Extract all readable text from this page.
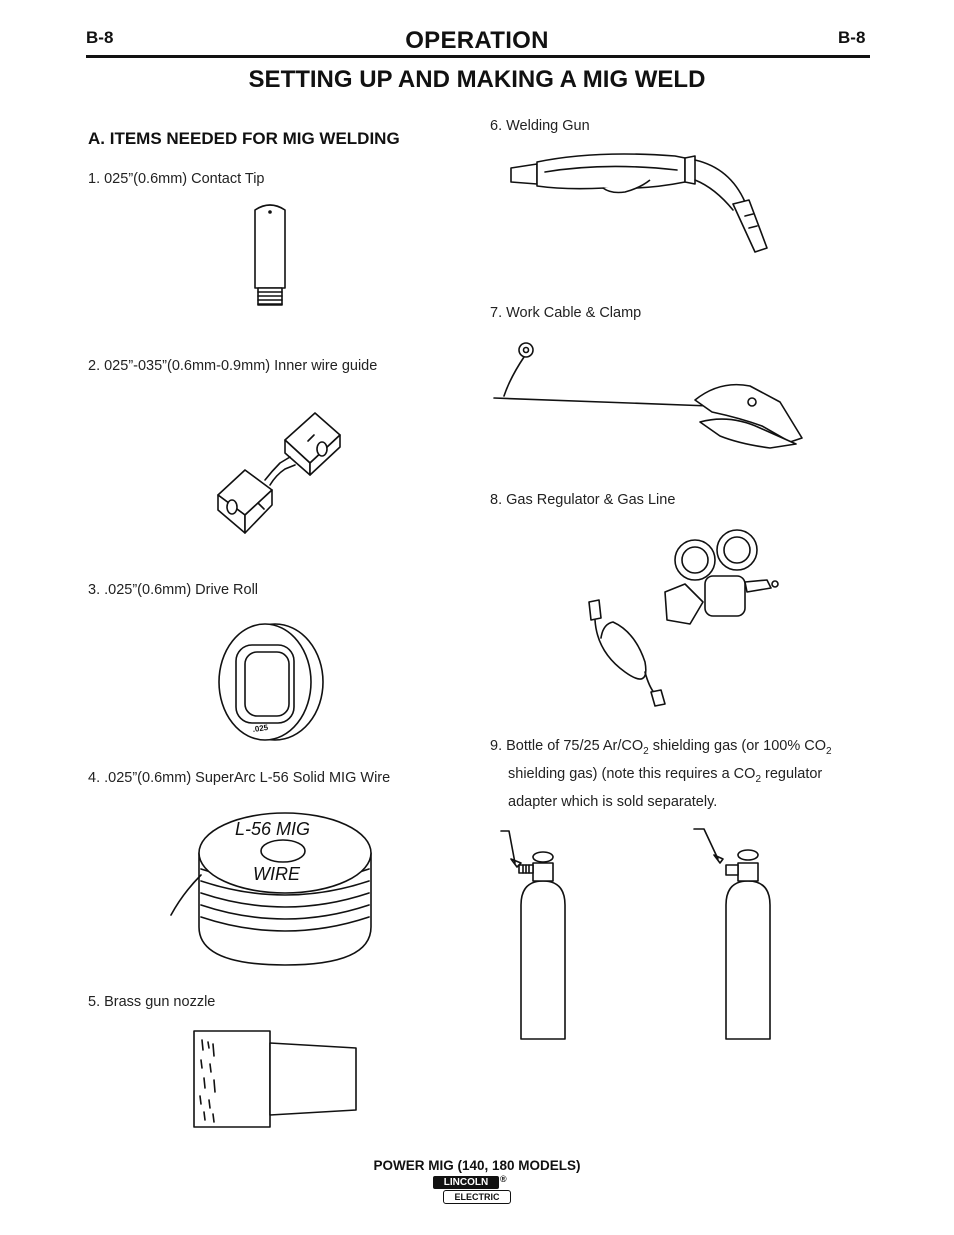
B-8	OPERATION	B-8
SETTING UP AND MAKING A MIG WELD
A. ITEMS NEEDED FOR MIG WELDING
1. 025”(0.6mm) Contact Tip
2. 025”-035”(0.6mm-0.9mm) Inner wire guide
3. .025”(0.6mm) Drive Roll
.025
4. .025”(0.6mm) SuperArc L-56 Solid MIG Wire
L-56 MIG
WIRE
5. Brass gun nozzle
6. Welding Gun
7. Work Cable & Clamp
8. Gas Regulator & Gas Line
9. Bottle of 75/25 $Ar/CO_2$ shielding gas (or 100% $CO_2$
shielding gas) (note this requires a $CO_2$ regulator
adapter which is sold separately.
POWER MIG (140, 180 MODELS)
LINCOLN	®
ELECTRIC
